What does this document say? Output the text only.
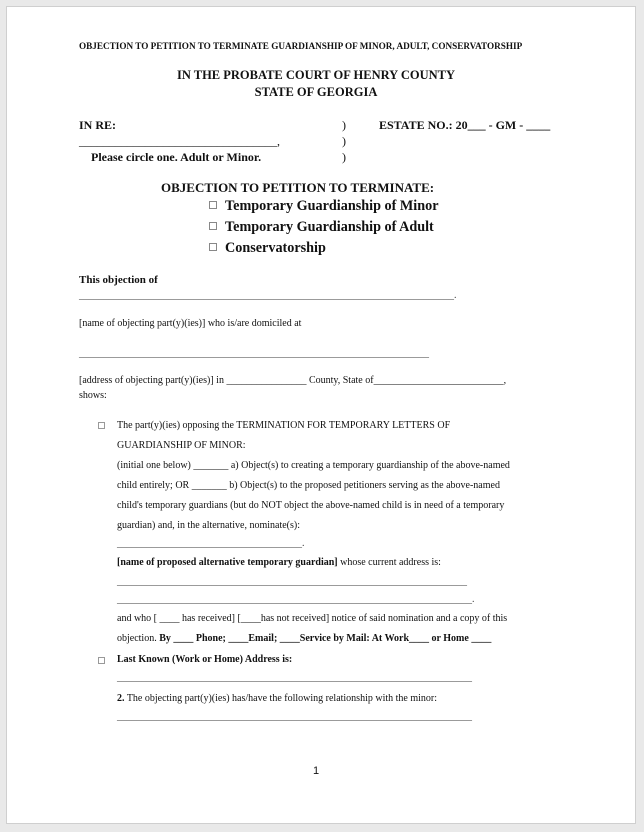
OBJECTION TO PETITION TO TERMINATE GUARDIANSHIP OF MINOR, ADULT, CONSERVATORSHIP
IN THE PROBATE COURT OF HENRY COUNTY
STATE OF GEORGIA
IN RE:
_________________________________,
Please circle one. Adult or Minor.
)
)
)
ESTATE NO.: 20___ - GM - ____
OBJECTION TO PETITION TO TERMINATE:
Temporary Guardianship of Minor
Temporary Guardianship of Adult
Conservatorship
This objection of
___________________________________________________________________________.
[name of objecting part(y)(ies)] who is/are domiciled at
______________________________________________________________________
[address of objecting part(y)(ies)] in ________________ County, State of__________________________,
shows:
The part(y)(ies) opposing the TERMINATION FOR TEMPORARY LETTERS OF
GUARDIANSHIP OF MINOR:
(initial one below) _______ a) Object(s) to creating a temporary guardianship of the above-named
child entirely; OR _______ b) Object(s) to the proposed petitioners serving as the above-named
child's temporary guardians (but do NOT object the above-named child is in need of a temporary
guardian) and, in the alternative, nominate(s):
_____________________________________.
[name of proposed alternative temporary guardian] whose current address is:
______________________________________________________________________
_______________________________________________________________________.
and who [ ____ has received] [____has not received] notice of said nomination and a copy of this
objection. By ____ Phone; ____Email; ____Service by Mail: At Work____ or Home ____
Last Known (Work or Home) Address is:
_______________________________________________________________________
2. The objecting part(y)(ies) has/have the following relationship with the minor:
_______________________________________________________________________
1
